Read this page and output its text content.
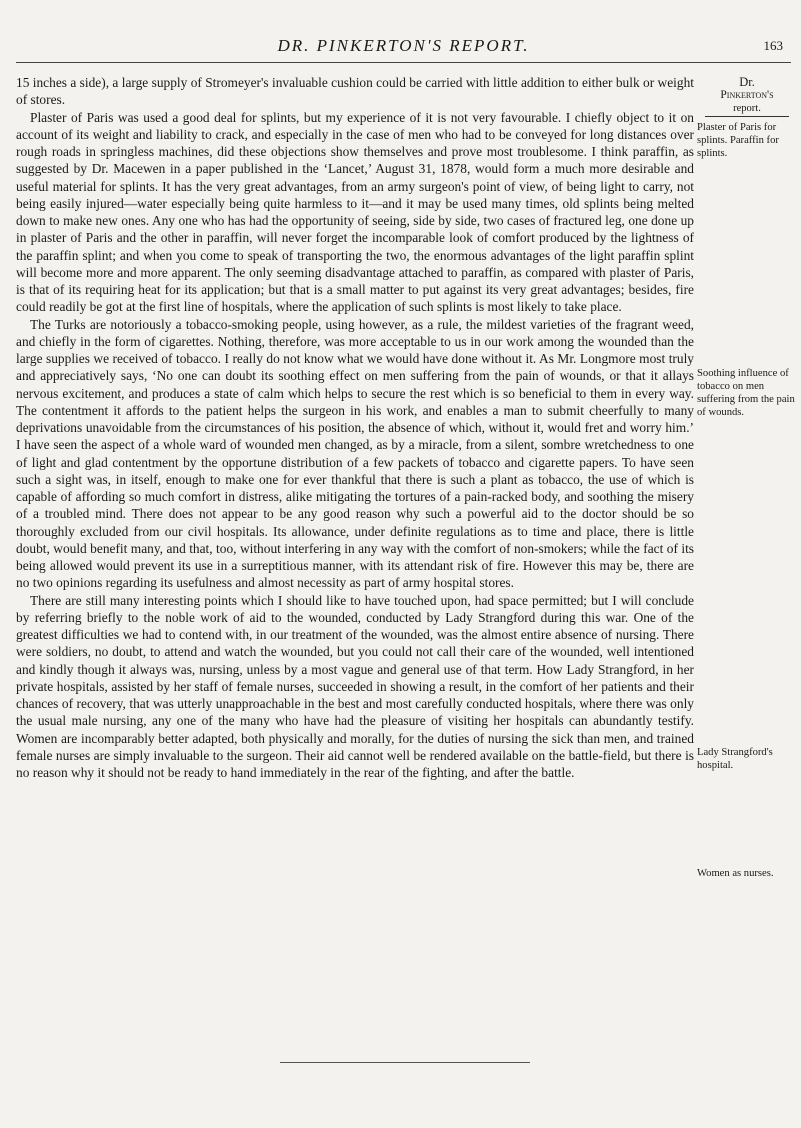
DR. PINKERTON'S REPORT.	163

15 inches a side), a large supply of Stromeyer's invaluable cushion could be carried with little addition to either bulk or weight of stores.

Plaster of Paris was used a good deal for splints, but my experience of it is not very favourable. I chiefly object to it on account of its weight and liability to crack, and especially in the case of men who had to be conveyed for long distances over rough roads in springless machines, did these objections show themselves and prove most troublesome. I think paraffin, as suggested by Dr. Macewen in a paper published in the ‘Lancet,’ August 31, 1878, would form a much more desirable and useful material for splints. It has the very great advantages, from an army surgeon's point of view, of being light to carry, not being easily injured—water especially being quite harmless to it—and it may be used many times, old splints being melted down to make new ones. Any one who has had the opportunity of seeing, side by side, two cases of fractured leg, one done up in plaster of Paris and the other in paraffin, will never forget the incomparable look of comfort produced by the lightness of the paraffin splint; and when you come to speak of transporting the two, the enormous advantages of the light paraffin splint will become more and more apparent. The only seeming disadvantage attached to paraffin, as compared with plaster of Paris, is that of its requiring heat for its application; but that is a small matter to put against its very great advantages; besides, fire could readily be got at the first line of hospitals, where the application of such splints is most likely to take place.

The Turks are notoriously a tobacco-smoking people, using however, as a rule, the mildest varieties of the fragrant weed, and chiefly in the form of cigarettes. Nothing, therefore, was more acceptable to us in our work among the wounded than the large supplies we received of tobacco. I really do not know what we would have done without it. As Mr. Longmore most truly and appreciatively says, ‘No one can doubt its soothing effect on men suffering from the pain of wounds, or that it allays nervous excitement, and produces a state of calm which helps to secure the rest which is so beneficial to them in every way. The contentment it affords to the patient helps the surgeon in his work, and enables a man to submit cheerfully to many deprivations unavoidable from the circumstances of his position, the absence of which, without it, would fret and worry him.’ I have seen the aspect of a whole ward of wounded men changed, as by a miracle, from a silent, sombre wretchedness to one of light and glad contentment by the opportune distribution of a few packets of tobacco and cigarette papers. To have seen such a sight was, in itself, enough to make one for ever thankful that there is such a plant as tobacco, the use of which is capable of affording so much comfort in distress, alike mitigating the tortures of a pain-racked body, and soothing the misery of a troubled mind. There does not appear to be any good reason why such a powerful aid to the doctor should be so thoroughly excluded from our civil hospitals. Its allowance, under definite regulations as to time and place, there is little doubt, would benefit many, and that, too, without interfering in any way with the comfort of non-smokers; while the fact of its being allowed would prevent its use in a surreptitious manner, with its attendant risk of fire. However this may be, there are no two opinions regarding its usefulness and almost necessity as part of army hospital stores.

There are still many interesting points which I should like to have touched upon, had space permitted; but I will conclude by referring briefly to the noble work of aid to the wounded, conducted by Lady Strangford during this war. One of the greatest difficulties we had to contend with, in our treatment of the wounded, was the almost entire absence of nursing. There were soldiers, no doubt, to attend and watch the wounded, but you could not call their care of the wounded, well intentioned and kindly though it always was, nursing, unless by a most vague and general use of that term. How Lady Strangford, in her private hospitals, assisted by her staff of female nurses, succeeded in showing a result, in the comfort of her patients and their chances of recovery, that was utterly unapproachable in the best and most carefully conducted hospitals, where there was only the usual male nursing, any one of the many who have had the pleasure of visiting her hospitals can abundantly testify. Women are incomparably better adapted, both physically and morally, for the duties of nursing the sick than men, and trained female nurses are simply invaluable to the surgeon. Their aid cannot well be rendered available on the battle-field, but there is no reason why it should not be ready to hand immediately in the rear of the fighting, and after the battle.

Dr.
Pinkerton's
report.
Plaster of Paris for splints. Paraffin for splints.
Soothing influence of tobacco on men suffering from the pain of wounds.
Lady Strangford's hospital.
Women as nurses.
